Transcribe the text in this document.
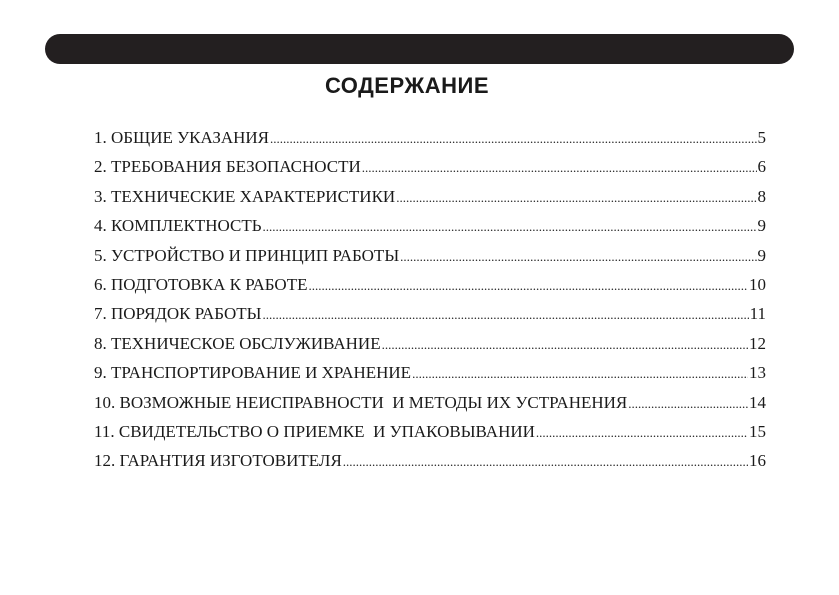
СОДЕРЖАНИЕ
1. ОБЩИЕ УКАЗАНИЯ .....	5
2. ТРЕБОВАНИЯ БЕЗОПАСНОСТИ .....	6
3. ТЕХНИЧЕСКИЕ ХАРАКТЕРИСТИКИ .....	8
4. КОМПЛЕКТНОСТЬ .....	9
5. УСТРОЙСТВО И ПРИНЦИП РАБОТЫ .....	9
6. ПОДГОТОВКА К РАБОТЕ .....	10
7. ПОРЯДОК РАБОТЫ .....	11
8. ТЕХНИЧЕСКОЕ ОБСЛУЖИВАНИЕ .....	12
9. ТРАНСПОРТИРОВАНИЕ И ХРАНЕНИЕ .....	13
10. ВОЗМОЖНЫЕ НЕИСПРАВНОСТИ  И МЕТОДЫ ИХ УСТРАНЕНИЯ .....	14
11. СВИДЕТЕЛЬСТВО О ПРИЕМКЕ  И УПАКОВЫВАНИИ .....	15
12. ГАРАНТИЯ ИЗГОТОВИТЕЛЯ .....	16
